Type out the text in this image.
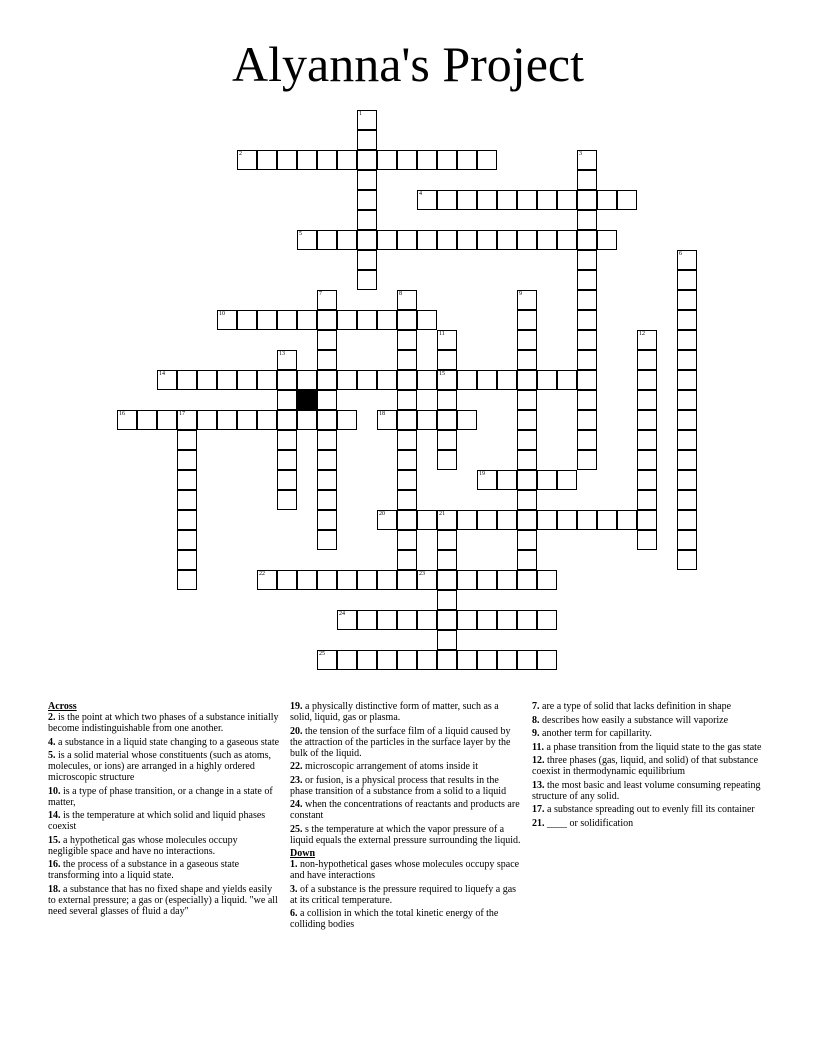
Alyanna's Project
1
2	3
4
5
6
7	8	9
10
11
15
12
13
14
16	17	18
19
20	21
22	23
24
25
Across
2. is the point at which two phases of a substance initially become indistinguishable from one another.
4. a substance in a liquid state changing to a gaseous state
5. is a solid material whose constituents (such as atoms, molecules, or ions) are arranged in a highly ordered microscopic structure
10. is a type of phase transition, or a change in a state of matter,
14. is the temperature at which solid and liquid phases coexist
15. a hypothetical gas whose molecules occupy negligible space and have no interactions.
16. the process of a substance in a gaseous state transforming into a liquid state.
18. a substance that has no fixed shape and yields easily to external pressure; a gas or (especially) a liquid. "we all need several glasses of fluid a day"
19. a physically distinctive form of matter, such as a solid, liquid, gas or plasma.
20. the tension of the surface film of a liquid caused by the attraction of the particles in the surface layer by the bulk of the liquid.
22. microscopic arrangement of atoms inside it
23. or fusion, is a physical process that results in the phase transition of a substance from a solid to a liquid
24. when the concentrations of reactants and products are constant
25. s the temperature at which the vapor pressure of a liquid equals the external pressure surrounding the liquid.
Down
1. non-hypothetical gases whose molecules occupy space and have interactions
3. of a substance is the pressure required to liquefy a gas at its critical temperature.
6. a collision in which the total kinetic energy of the colliding bodies
7. are a type of solid that lacks definition in shape
8. describes how easily a substance will vaporize
9. another term for capillarity.
11. a phase transition from the liquid state to the gas state
12. three phases (gas, liquid, and solid) of that substance coexist in thermodynamic equilibrium
13. the most basic and least volume consuming repeating structure of any solid.
17. a substance spreading out to evenly fill its container
21. ____ or solidification
